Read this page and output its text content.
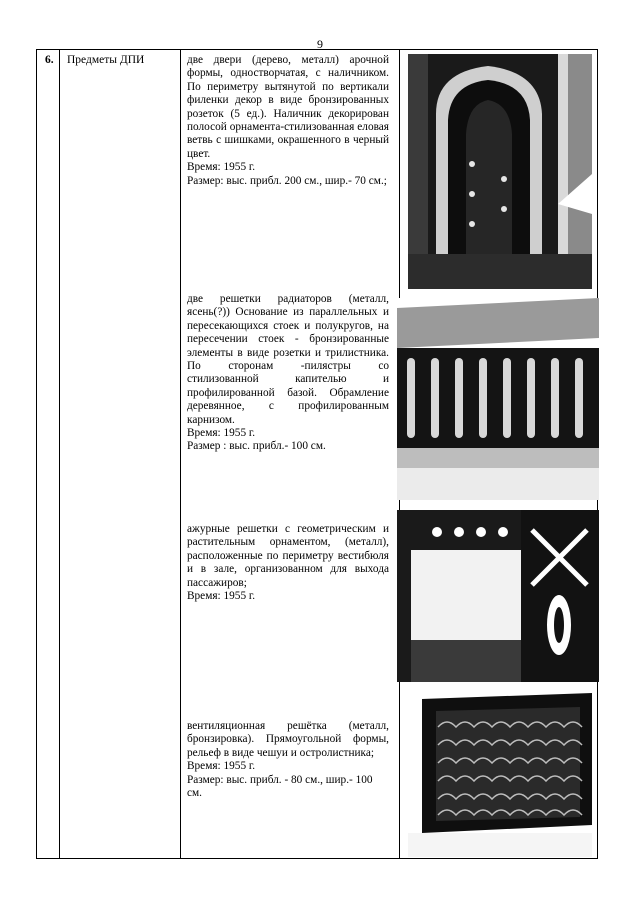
9
6. Предметы ДПИ	две двери (дерево, металл) арочной формы, одностворчатая, с наличником. По периметру вытянутой по вертикали филенки декор в виде бронзированных розеток (5 ед.). Наличник декорирован полосой орнамента-стилизованная еловая ветвь с шишками, окрашенного в черный цвет.

Время: 1955 г.

Размер: выс. прибл. 200 см., шир.- 70 см.;

две решетки радиаторов (металл, ясень(?)) Основание из параллельных и пересекающихся стоек и полукругов, на пересечении стоек - бронзированные элементы в виде розетки и трилистника. По сторонам -пилястры со стилизованной капителью и профилированной базой. Обрамление деревянное, с профилированным карнизом.

Время: 1955 г.

Размер : выс. прибл.- 100 см.

ажурные решетки с геометрическим и растительным орнаментом, (металл), расположенные по периметру вестибюля и в зале, организованном для выхода пассажиров;

Время: 1955 г.

вентиляционная решётка (металл, бронзировка). Прямоугольной формы, рельеф в виде чешуи и остролистника;

Время: 1955 г.

Размер: выс. прибл. - 80 см., шир.- 100 см.
